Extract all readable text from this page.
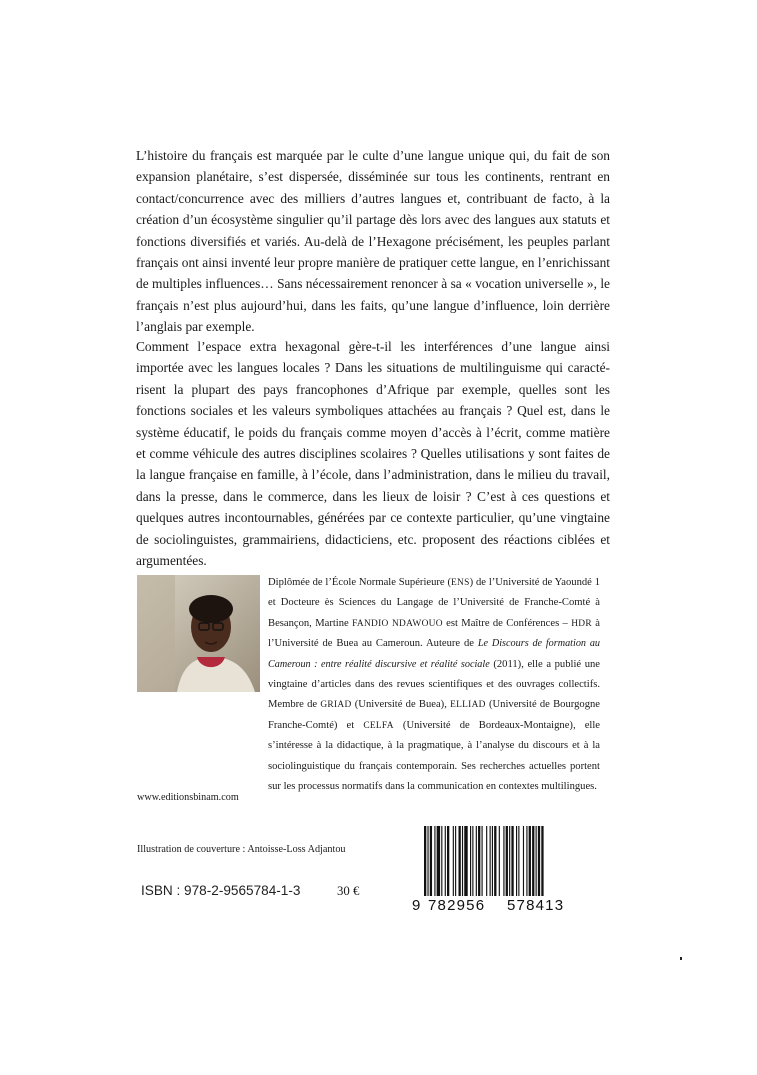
L’histoire du français est marquée par le culte d’une langue unique qui, du fait de son expansion planétaire, s’est dispersée, disséminée sur tous les continents, rentrant en contact/concurrence avec des milliers d’autres langues et, contribuant de facto, à la création d’un écosystème singulier qu’il partage dès lors avec des langues aux statuts et fonctions diversifiés et variés. Au-delà de l’Hexagone précisément, les peuples parlant français ont ainsi inventé leur propre manière de pratiquer cette langue, en l’enrichissant de multiples influences… Sans nécessairement renoncer à sa « vocation universelle », le français n’est plus aujourd’hui, dans les faits, qu’une langue d’influence, loin derrière l’anglais par exemple.

Comment l’espace extra hexagonal gère-t-il les interférences d’une langue ainsi importée avec les langues locales ? Dans les situations de multilinguisme qui caractérisent la plupart des pays francophones d’Afrique par exemple, quelles sont les fonctions sociales et les valeurs symboliques attachées au français ? Quel est, dans le système éducatif, le poids du français comme moyen d’accès à l’écrit, comme matière et comme véhicule des autres disciplines scolaires ? Quelles utilisations y sont faites de la langue française en famille, à l’école, dans l’administration, dans le milieu du travail, dans la presse, dans le commerce, dans les lieux de loisir ? C’est à ces questions et quelques autres incontournables, générées par ce contexte particulier, qu’une vingtaine de sociolinguistes, grammairiens, didacticiens, etc. proposent des réactions ciblées et argumentées.

Diplômée de l’École Normale Supérieure (ENS) de l’Université de Yaoundé 1 et Docteure ès Sciences du Langage de l’Université de Franche-Comté à Besançon, Martine FANDIO NDAWOUO est Maître de Conférences – HDR à l’Université de Buea au Cameroun. Auteure de Le Discours de formation au Cameroun : entre réalité discursive et réalité sociale (2011), elle a publié une vingtaine d’articles dans des revues scientifiques et des ouvrages collectifs. Membre de GRIAD (Université de Buea), ELLIAD (Université de Bourgogne Franche-Comté) et CELFA (Université de Bordeaux-Montaigne), elle s’intéresse à la didactique, à la pragmatique, à l’analyse du discours et à la sociolinguistique du français contemporain. Ses recherches actuelles portent sur les processus normatifs dans la communication en contextes multilingues.

www.editionsbinam.com
Illustration de couverture : Antoisse-Loss Adjantou
ISBN : 978-2-9565784-1-3	30 €
9 782956 578413
